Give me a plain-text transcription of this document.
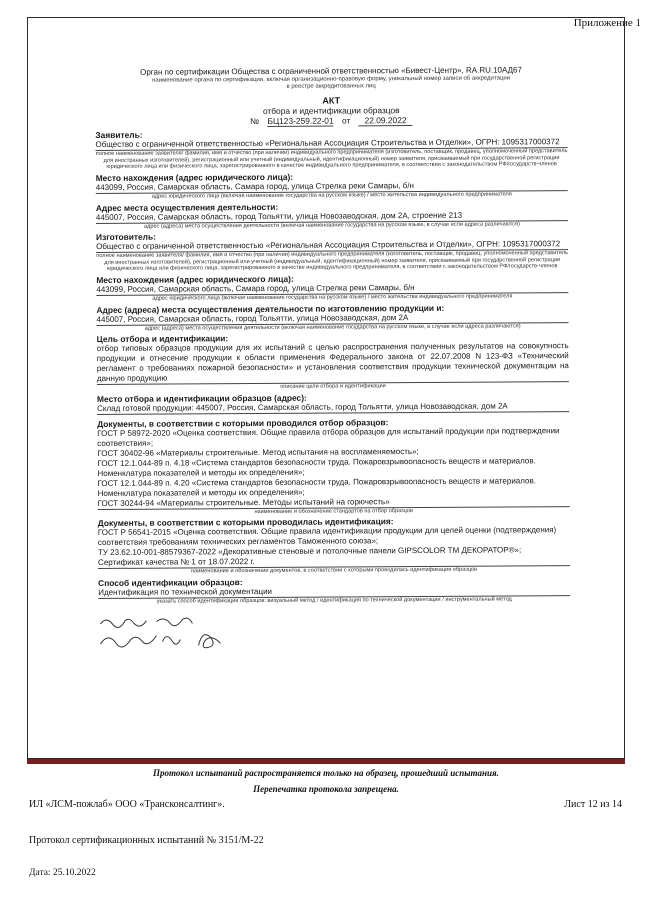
Приложение 1
Орган по сертификации Общества с ограниченной ответственностью «Бивест-Центр», RA.RU.10АД67
наименование органа по сертификации, включая организационно-правовую форму, уникальный номер записи об аккредитации в реестре аккредитованных лиц
АКТ
отбора и идентификации образцов
№ БЦ123-259.22-01 от 22.09.2022
Заявитель:
Общество с ограниченной ответственностью «Региональная Ассоциация Строительства и Отделки», ОГРН: 1095317000372
полное наименование заявителя/ фамилия, имя и отчество (при наличии) индивидуального предпринимателя (изготовитель, поставщик, продавец, уполномоченный представитель для иностранных изготовителей), регистрационный или учетный (индивидуальный, идентификационный) номер заявителя, присваиваемый при государственной регистрации юридического лица или физического лица, зарегистрированного в качестве индивидуального предпринимателя, в соответствии с законодательством РФ/государств-членов
Место нахождения (адрес юридического лица):
443099, Россия, Самарская область, Самара город, улица Стрелка реки Самары, б/н
адрес юридического лица (включая наименование государства на русском языке) / место жительства индивидуального предпринимателя
Адрес места осуществления деятельности:
445007, Россия, Самарская область, город Тольятти, улица Новозаводская, дом 2А, строение 213
адрес (адреса) места осуществления деятельности (включая наименование государства на русском языке, в случае если адреса различаются)
Изготовитель:
Общество с ограниченной ответственностью «Региональная Ассоциация Строительства и Отделки», ОГРН: 1095317000372
полное наименование заявителя/ фамилия, имя и отчество (при наличии) индивидуального предпринимателя (изготовитель, поставщик, продавец, уполномоченный представитель для иностранных изготовителей), регистрационный или учетный (индивидуальный, идентификационный) номер заявителя, присваиваемый при государственной регистрации юридического лица или физического лица, зарегистрированного в качестве индивидуального предпринимателя, в соответствии с законодательством РФ/государств-членов
Место нахождения (адрес юридического лица):
443099, Россия, Самарская область, Самара город, улица Стрелка реки Самары, б/н
адрес юридического лица (включая наименование государства на русском языке) / место жительства индивидуального предпринимателя
Адрес (адреса) места осуществления деятельности по изготовлению продукции и:
445007, Россия, Самарская область, город Тольятти, улица Новозаводская, дом 2А
адрес (адреса) места осуществления деятельности (включая наименование государства на русском языке, в случае если адреса различаются)
Цель отбора и идентификации:
отбор типовых образцов продукции для их испытаний с целью распространения полученных результатов на совокупность продукции и отнесение продукции к области применения Федерального закона от 22.07.2008 N 123-ФЗ «Технический регламент о требованиях пожарной безопасности» и установления соответствия продукции технической документации на данную продукцию
описание цели отбора и идентификации
Место отбора и идентификации образцов (адрес):
Склад готовой продукции: 445007, Россия, Самарская область, город Тольятти, улица Новозаводская, дом 2А
Документы, в соответствии с которыми проводился отбор образцов:
ГОСТ Р 58972-2020 «Оценка соответствия. Общие правила отбора образцов для испытаний продукции при подтверждении соответствия»;
ГОСТ 30402-96 «Материалы строительные. Метод испытания на воспламеняемость»;
ГОСТ 12.1.044-89 п. 4.18 «Система стандартов безопасности труда. Пожаровзрывоопасность веществ и материалов. Номенклатура показателей и методы их определения»;
ГОСТ 12.1.044-89 п. 4.20 «Система стандартов безопасности труда. Пожаровзрывоопасность веществ и материалов. Номенклатура показателей и методы их определения»;
ГОСТ 30244-94 «Материалы строительные. Методы испытаний на горючесть»
наименование и обозначение стандартов на отбор образцов
Документы, в соответствии с которыми проводилась идентификация:
ГОСТ Р 56541-2015 «Оценка соответствия. Общие правила идентификации продукции для целей оценки (подтверждения) соответствия требованиям технических регламентов Таможенного союза»;
ТУ 23.62.10-001-88579367-2022 «Декоративные стеновые и потолочные панели GIPSCOLOR TM ДЕКОРАТОР®»;
Сертификат качества № 1 от 18.07.2022 г.
наименование и обозначение документов, в соответствии с которыми проводилась идентификация образцов
Способ идентификации образцов:
Идентификация по технической документации
указать способ идентификации образцов: визуальный метод / идентификация по технической документации / инструментальный метод
Протокол испытаний распространяется только на образец, прошедший испытания.
Перепечатка протокола запрещена.
ИЛ «ЛСМ-пожлаб» ООО «Трансконсалтинг».	Лист 12 из 14
Протокол сертификационных испытаний № 3151/М-22
Дата: 25.10.2022
